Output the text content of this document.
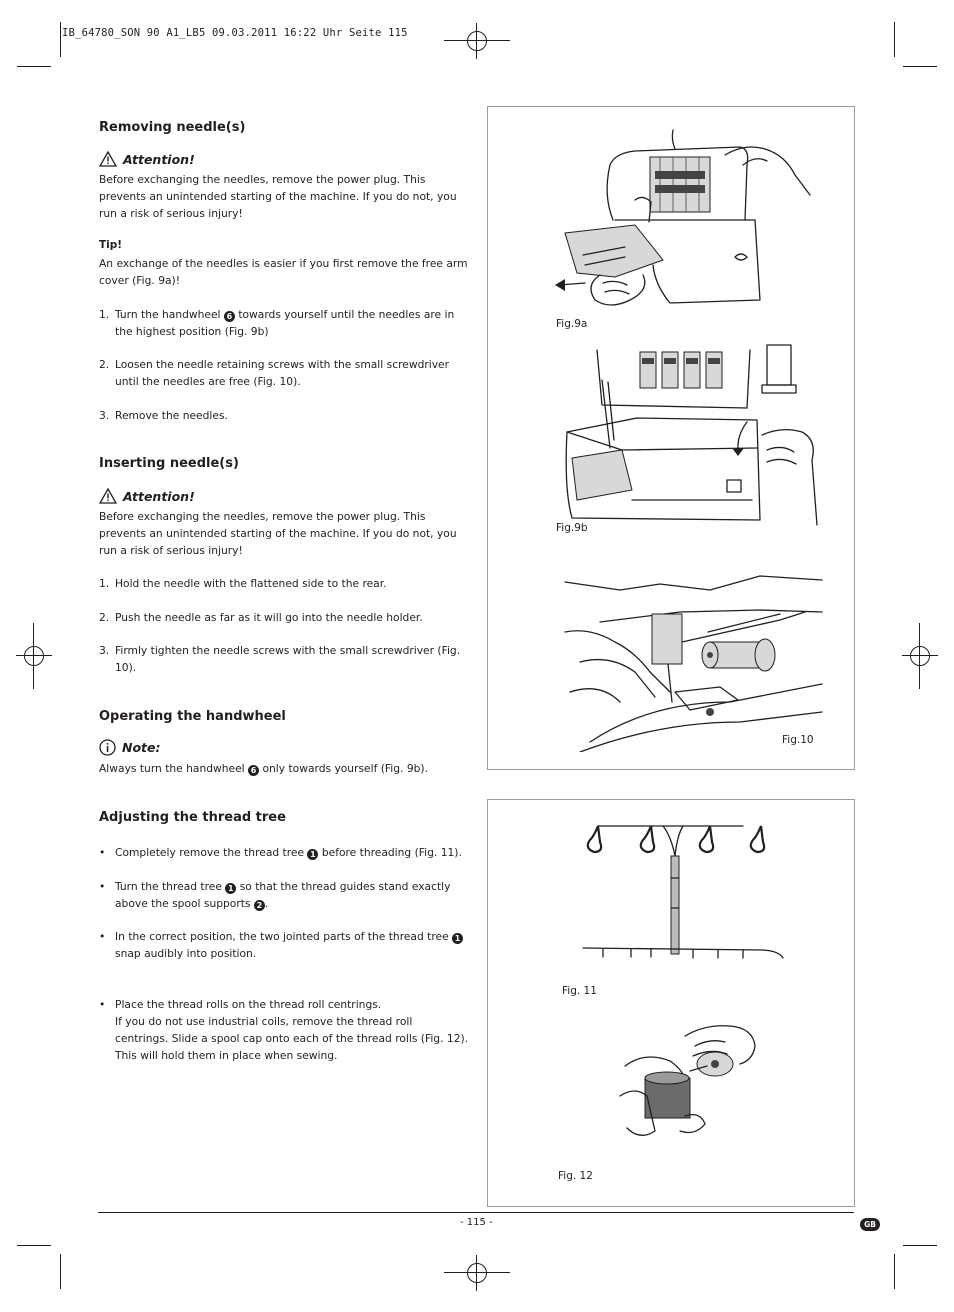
IB_64780_SON 90 A1_LB5 09.03.2011 16:22 Uhr Seite 115
Removing needle(s)
Attention!
Before exchanging the needles, remove the power plug. This prevents an unintended starting of the machine. If you do not, you run a risk of serious injury!
Tip!
An exchange of the needles is easier if you first remove the free arm cover (Fig. 9a)!
1. Turn the handwheel 6 towards yourself until the needles are in the highest position (Fig. 9b)
2. Loosen the needle retaining screws with the small screwdriver until the needles are free (Fig. 10).
3. Remove the needles.
Inserting needle(s)
Attention!
Before exchanging the needles, remove the power plug. This prevents an unintended starting of the machine. If you do not, you run a risk of serious injury!
1. Hold the needle with the flattened side to the rear.
2. Push the needle as far as it will go into the needle holder.
3. Firmly tighten the needle screws with the small screwdriver (Fig. 10).
Operating the handwheel
Note:
Always turn the handwheel 6 only towards yourself (Fig. 9b).
Adjusting the thread tree
• Completely remove the thread tree 1 before threading (Fig. 11).
• Turn the thread tree 1 so that the thread guides stand exactly above the spool supports 2 .
• In the correct position, the two jointed parts of the thread tree 1 snap audibly into position.
• Place the thread rolls on the thread roll centrings.
If you do not use industrial coils, remove the thread roll centrings. Slide a spool cap onto each of the thread rolls (Fig. 12). This will hold them in place when sewing.
Fig.9a
Fig.9b
Fig.10
Fig. 11
Fig. 12
- 115 -	GB
